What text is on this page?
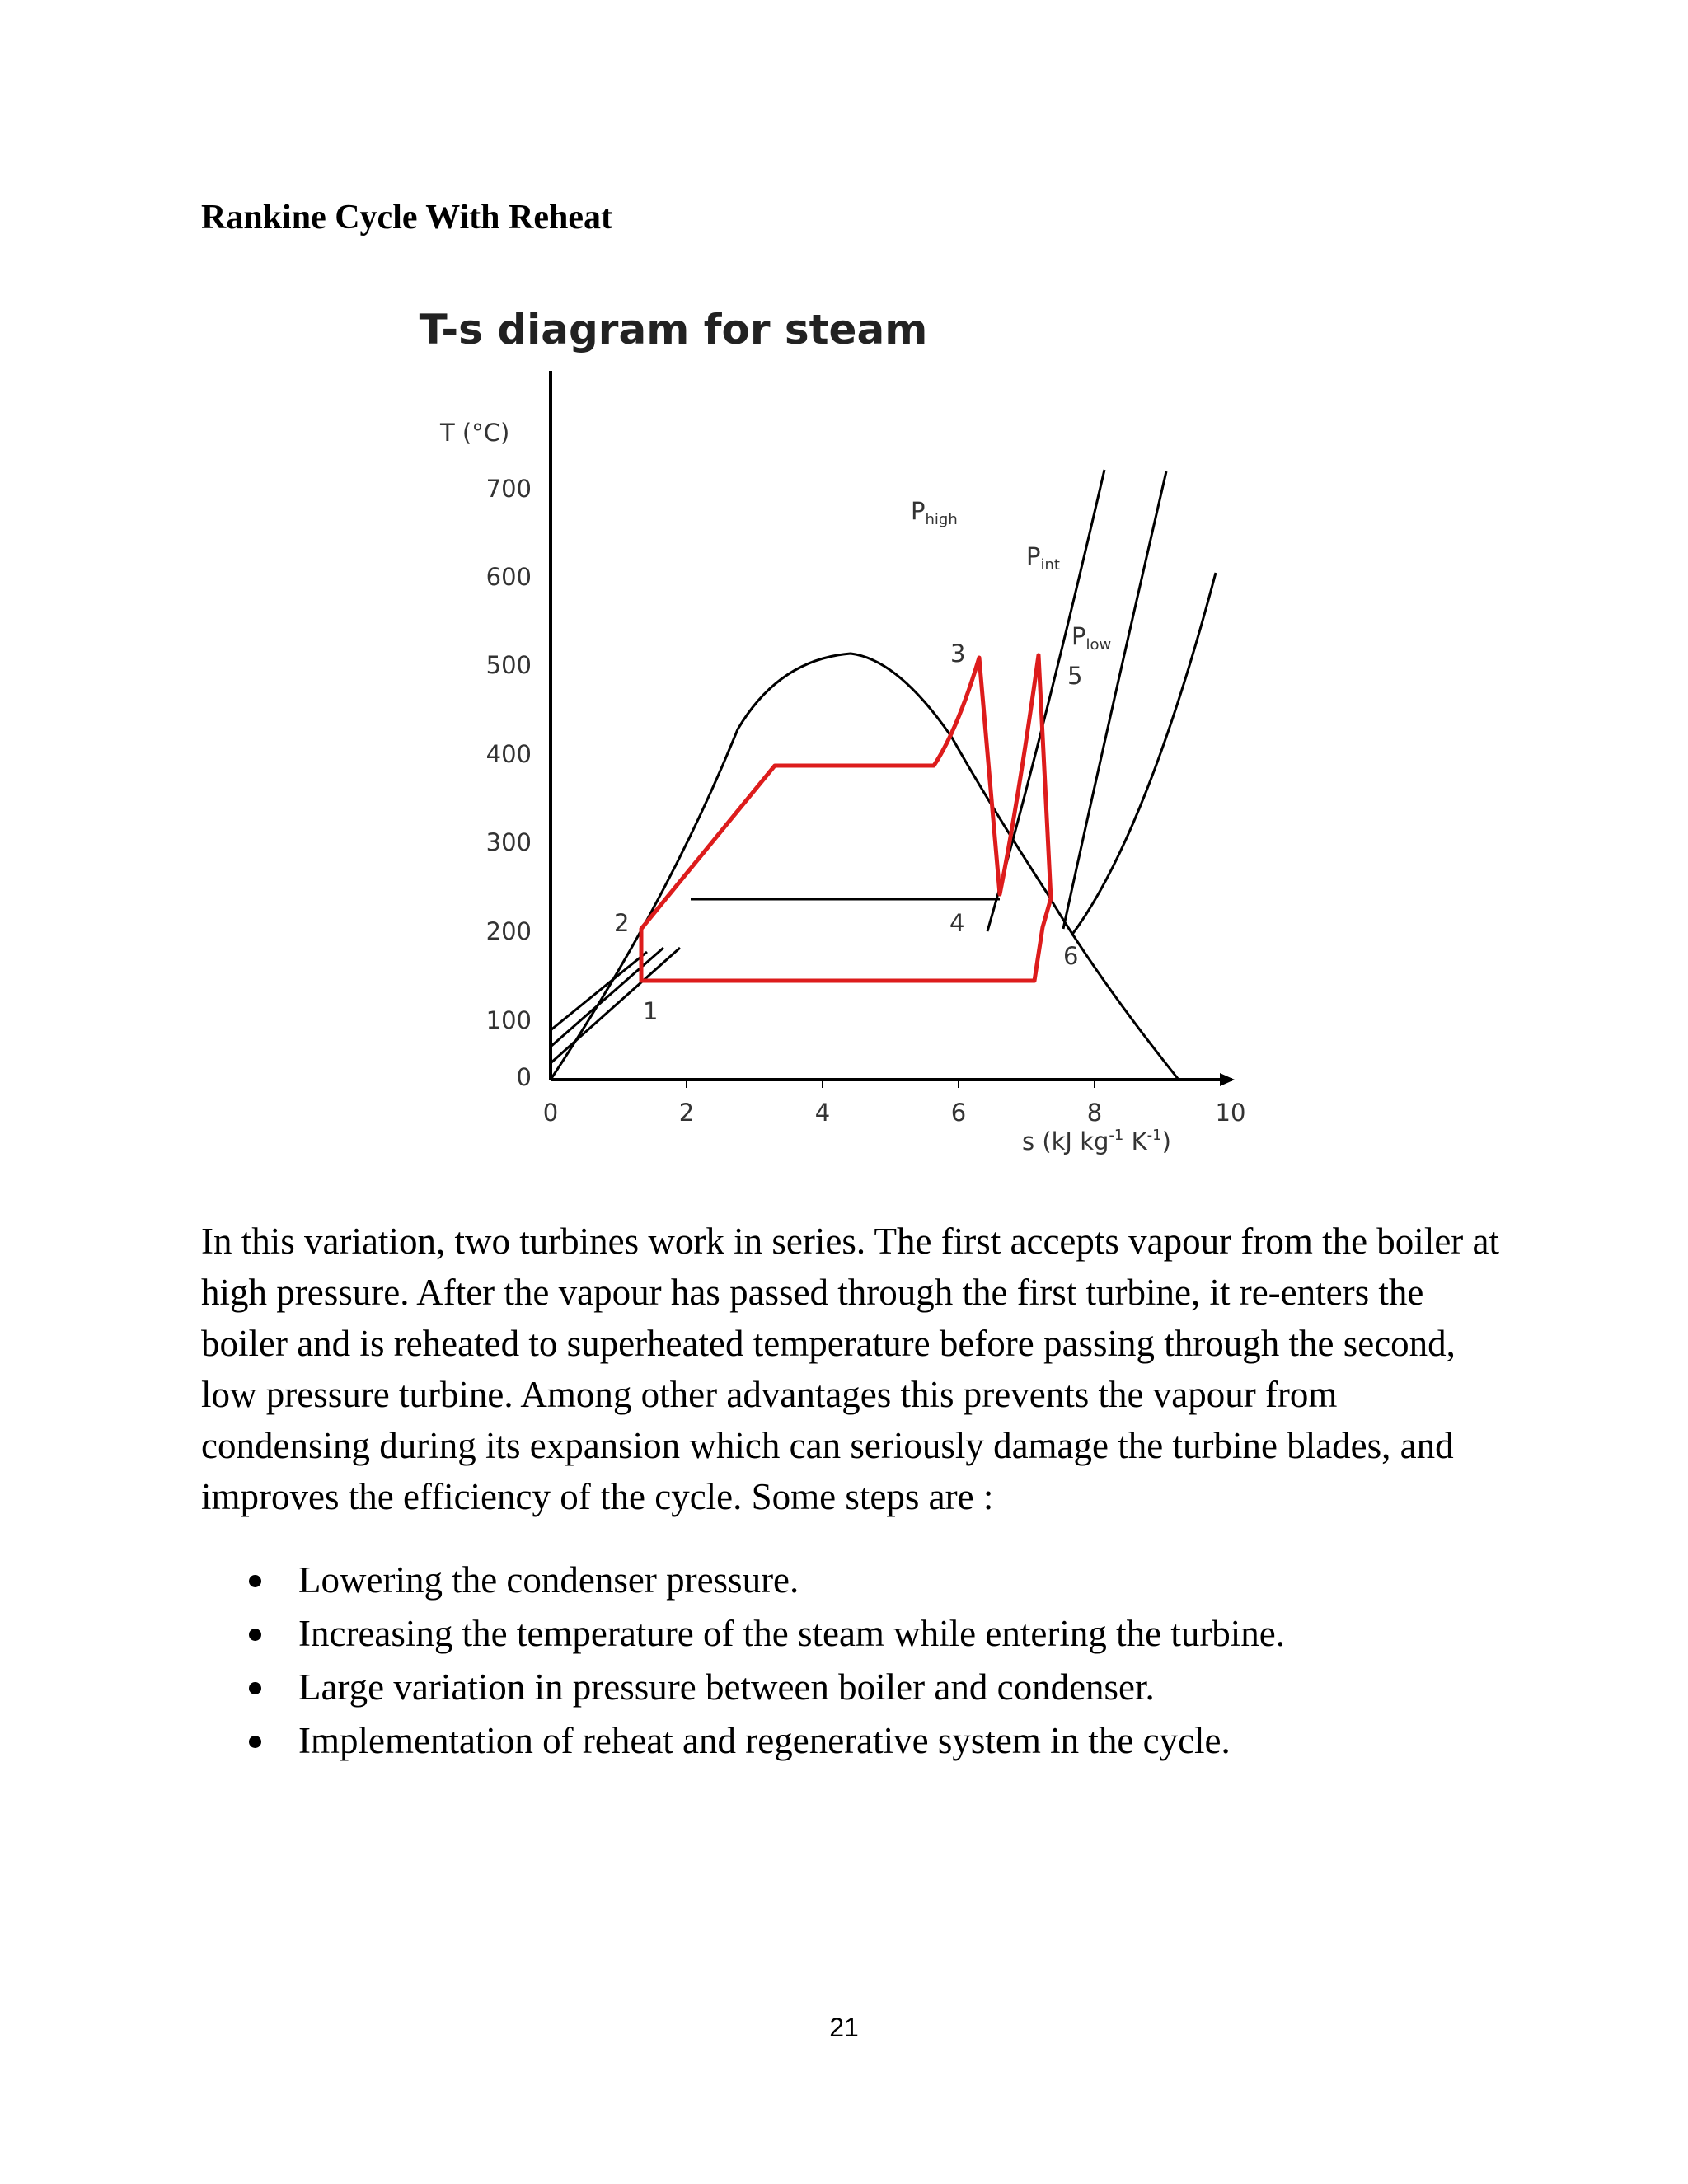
Rankine Cycle With Reheat
T-s diagram for steam
T (°C)
0
100
200
300
400
500
600
700
0	2	4	6	8	10
s (kJ $kg^{-1}$ $K^{-1}$)
$P_{high}$
$P_{int}$
$P_{low}$
1
2
3
4
5
6

In this variation, two turbines work in series. The first accepts vapour from the boiler at high pressure. After the vapour has passed through the first turbine, it re-enters the boiler and is reheated to superheated temperature before passing through the second, low pressure turbine. Among other advantages this prevents the vapour from condensing during its expansion which can seriously damage the turbine blades, and improves the efficiency of the cycle. Some steps are :

Lowering the condenser pressure.
Increasing the temperature of the steam while entering the turbine.
Large variation in pressure between boiler and condenser.
Implementation of reheat and regenerative system in the cycle.
21
